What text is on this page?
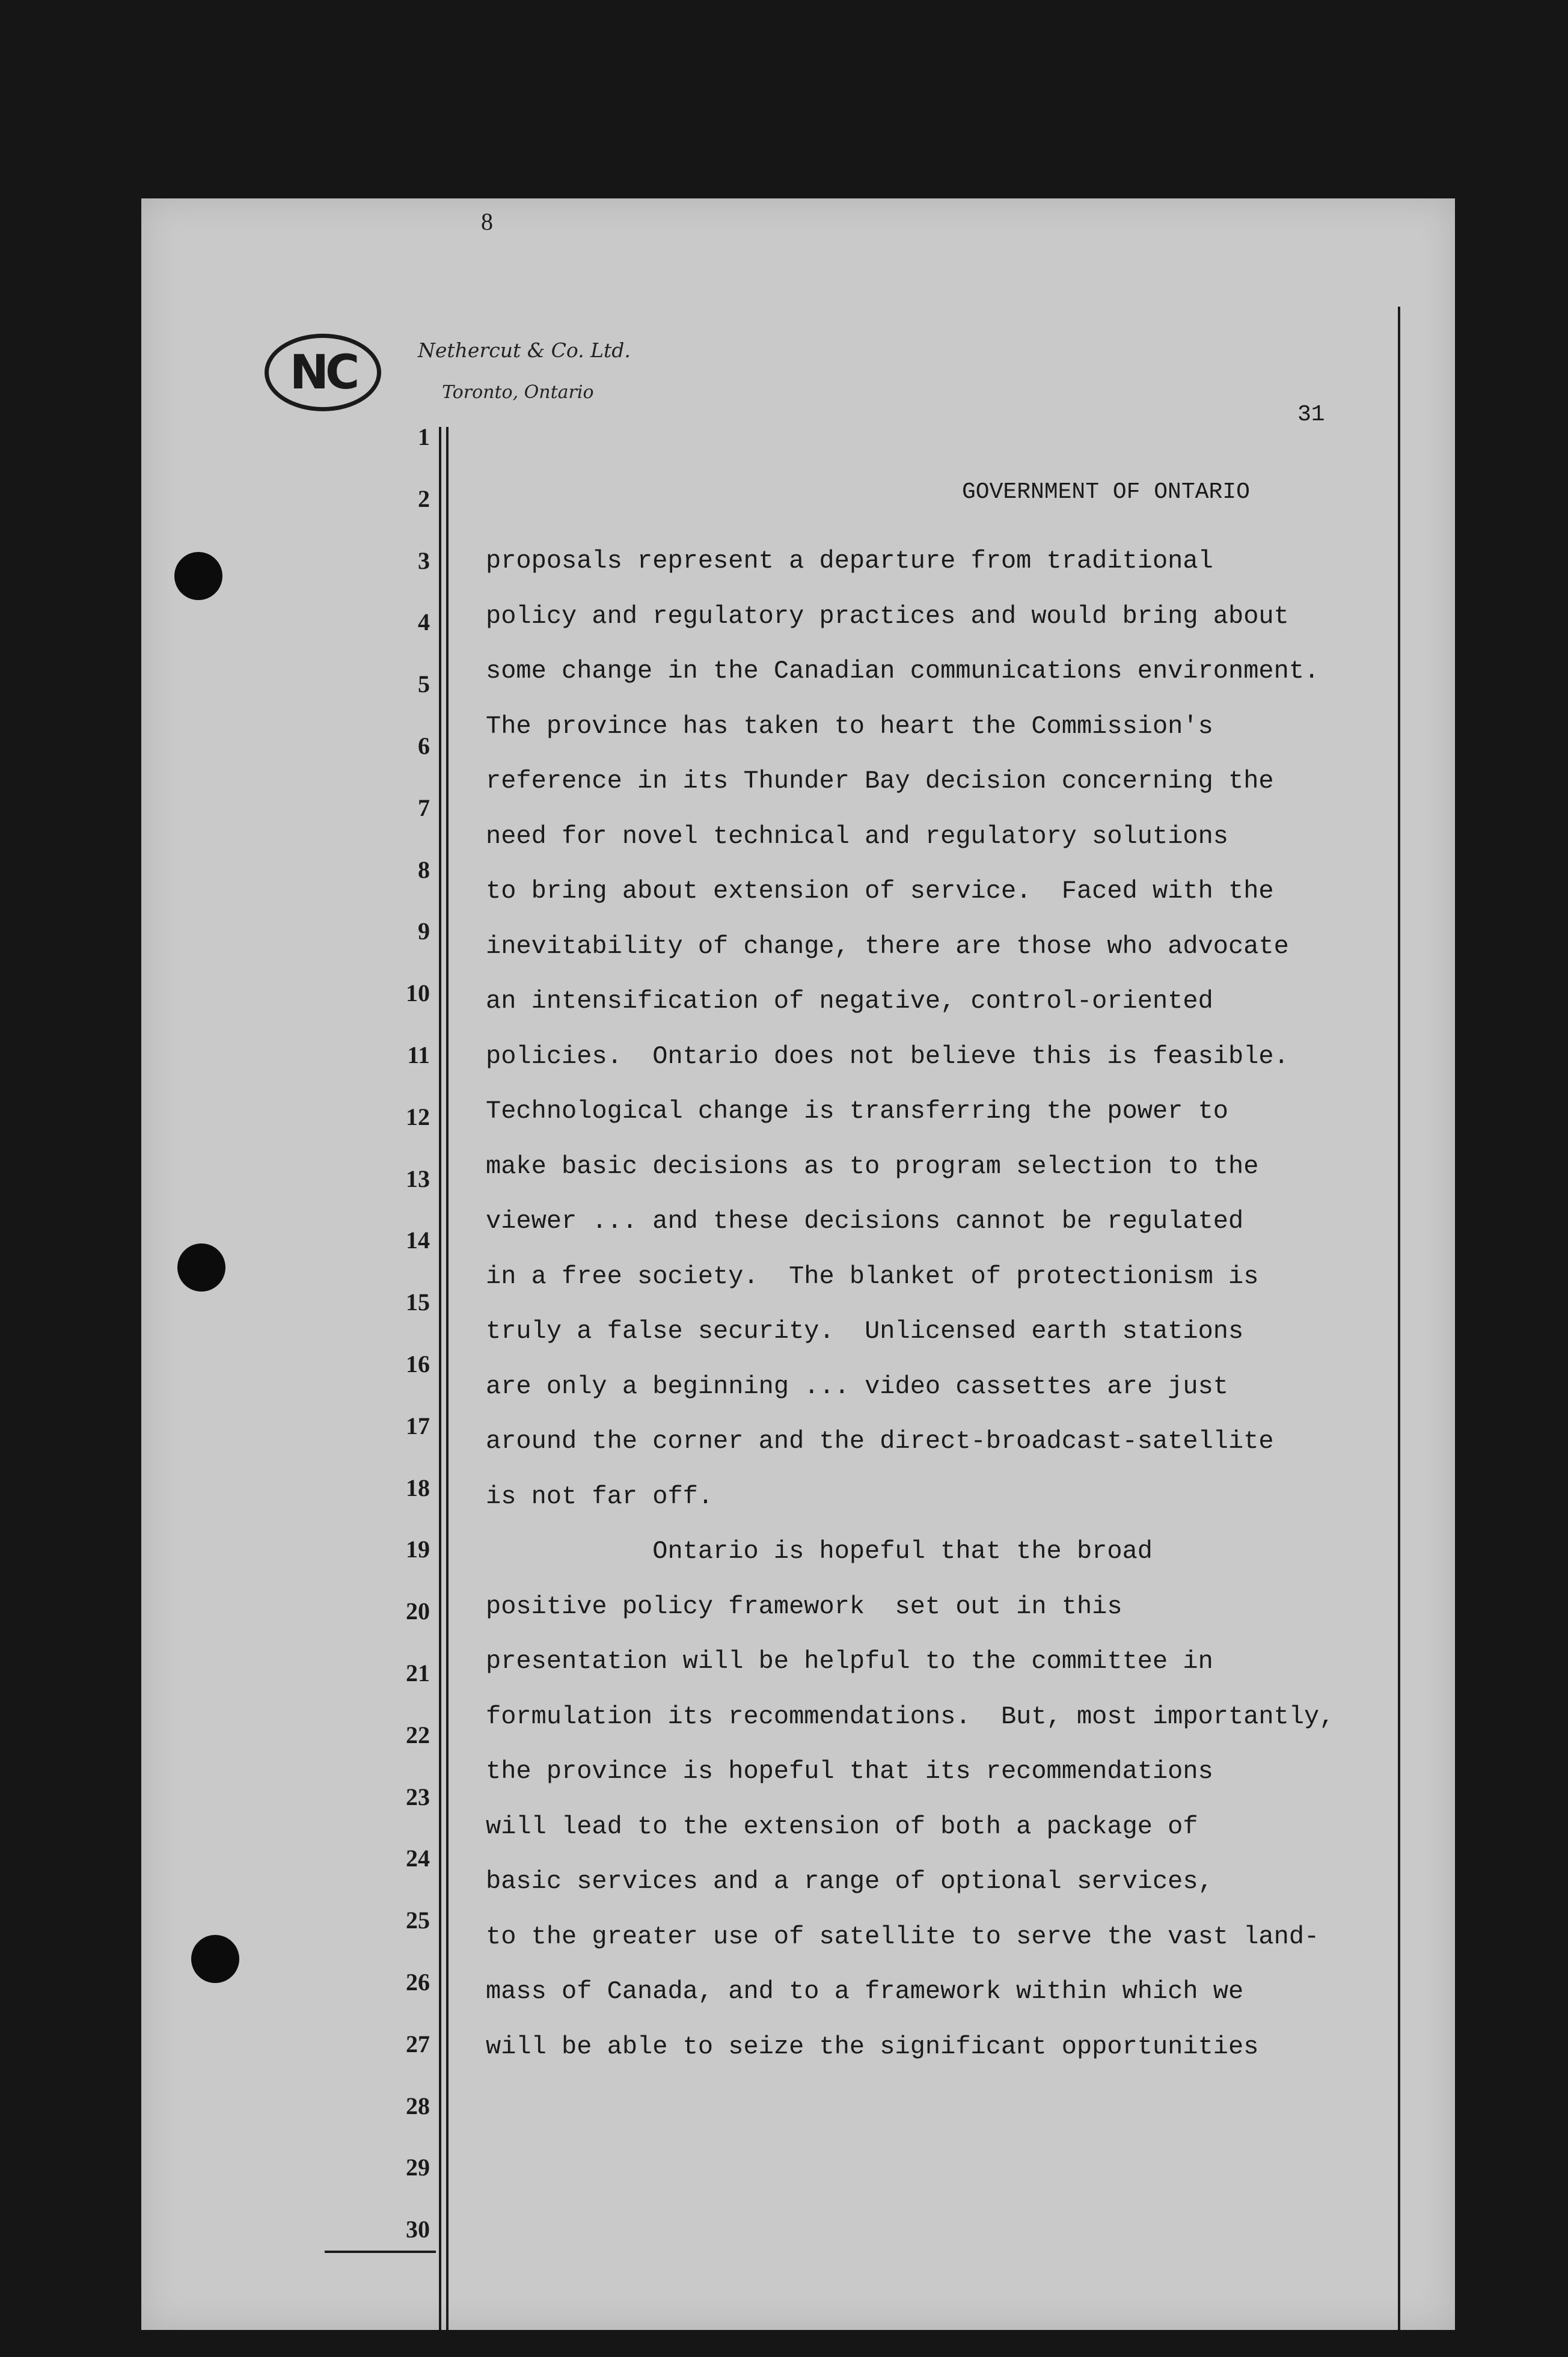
8
NC	Nethercut & Co. Ltd.
Toronto, Ontario
31
GOVERNMENT OF ONTARIO
1
2
3
4
5
6
7
8
9
10
11
12
13
14
15
16
17
18
19
20
21
22
23
24
25
26
27
28
29
30
proposals represent a departure from traditional
policy and regulatory practices and would bring about
some change in the Canadian communications environment.
The province has taken to heart the Commission's
reference in its Thunder Bay decision concerning the
need for novel technical and regulatory solutions
to bring about extension of service.  Faced with the
inevitability of change, there are those who advocate
an intensification of negative, control-oriented
policies.  Ontario does not believe this is feasible.
Technological change is transferring the power to
make basic decisions as to program selection to the
viewer ... and these decisions cannot be regulated
in a free society.  The blanket of protectionism is
truly a false security.  Unlicensed earth stations
are only a beginning ... video cassettes are just
around the corner and the direct-broadcast-satellite
is not far off.
Ontario is hopeful that the broad
positive policy framework  set out in this
presentation will be helpful to the committee in
formulation its recommendations.  But, most importantly,
the province is hopeful that its recommendations
will lead to the extension of both a package of
basic services and a range of optional services,
to the greater use of satellite to serve the vast land-
mass of Canada, and to a framework within which we
will be able to seize the significant opportunities
